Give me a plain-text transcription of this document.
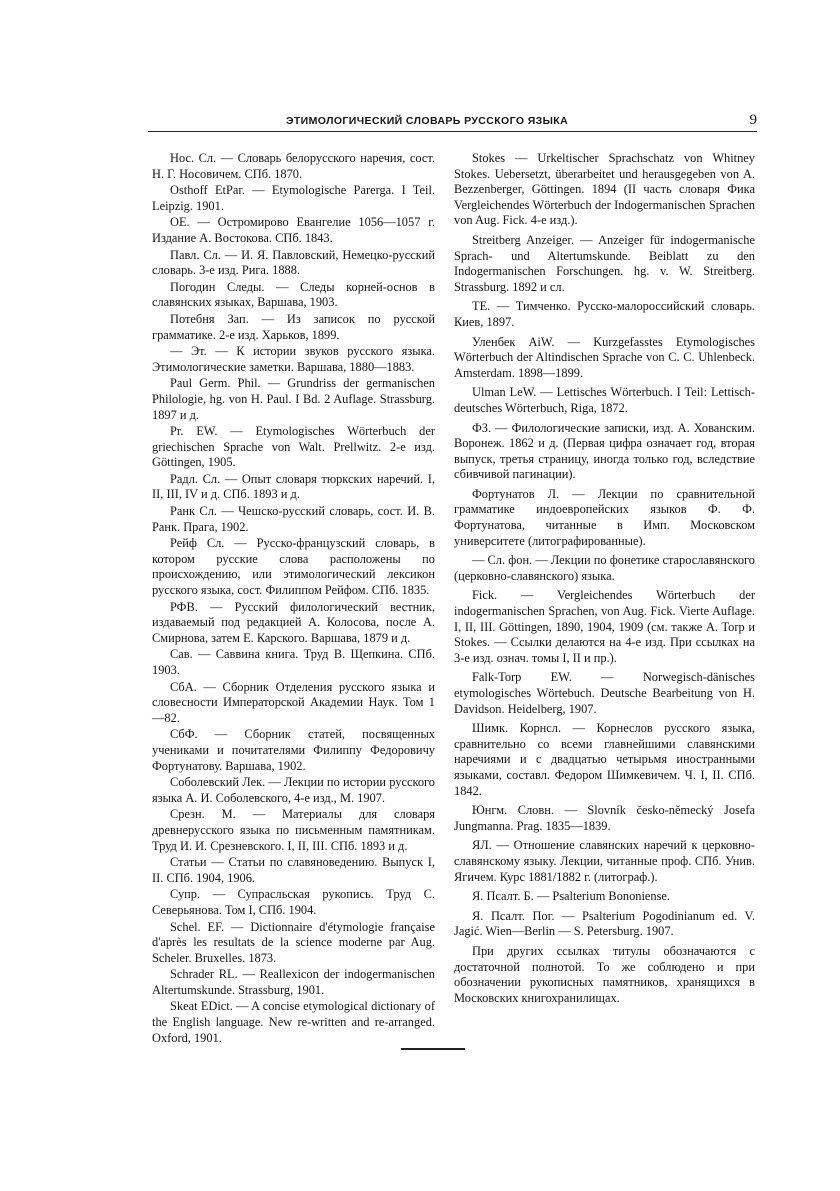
ЭТИМОЛОГИЧЕСКИЙ СЛОВАРЬ РУССКОГО ЯЗЫКА	9

Нос. Сл. — Словарь белорусского наречия, сост. Н. Г. Носовичем. СПб. 1870.

Osthoff EtPar. — Etymologische Parerga. I Teil. Leipzig. 1901.

ОЕ. — Остромирово Евангелие 1056—1057 г. Издание А. Востокова. СПб. 1843.

Павл. Сл. — И. Я. Павловский, Немецко-русский словарь. 3-е изд. Рига. 1888.

Погодин Следы. — Следы корней-основ в славянских языках, Варшава, 1903.

Потебня Зап. — Из записок по русской грамматике. 2-е изд. Харьков, 1899.

— Эт. — К истории звуков русского языка. Этимологические заметки. Варшава, 1880—1883.

Paul Germ. Phil. — Grundriss der germanischen Philologie, hg. von H. Paul. I Bd. 2 Auflage. Strassburg. 1897 и д.

Pr. EW. — Etymologisches Wörterbuch der griechischen Sprache von Walt. Prellwitz. 2-е изд. Göttingen, 1905.

Радл. Сл. — Опыт словаря тюркских наречий. I, II, III, IV и д. СПб. 1893 и д.

Ранк Сл. — Чешско-русский словарь, сост. И. В. Ранк. Прага, 1902.

Рейф Сл. — Русско-французский словарь, в котором русские слова расположены по происхождению, или этимологический лексикон русского языка, сост. Филиппом Рейфом. СПб. 1835.

РФВ. — Русский филологический вестник, издаваемый под редакцией А. Колосова, после А. Смирнова, затем Е. Карского. Варшава, 1879 и д.

Сав. — Саввина книга. Труд В. Щепкина. СПб. 1903.

СбА. — Сборник Отделения русского языка и словесности Императорской Академии Наук. Том 1—82.

СбФ. — Сборник статей, посвященных учениками и почитателями Филиппу Федоровичу Фортунатову. Варшава, 1902.

Соболевский Лек. — Лекции по истории русского языка А. И. Соболевского, 4-е изд., М. 1907.

Срезн. М. — Материалы для словаря древнерусского языка по письменным памятникам. Труд И. И. Срезневского. I, II, III. СПб. 1893 и д.

Статьи — Статьи по славяноведению. Выпуск I, II. СПб. 1904, 1906.

Супр. — Супрасльская рукопись. Труд С. Северьянова. Том I, СПб. 1904.

Schel. EF. — Dictionnaire d'étymologie française d'après les resultats de la science moderne par Aug. Scheler. Bruxelles. 1873.

Schrader RL. — Reallexicon der indogermanischen Altertumskunde. Strassburg, 1901.

Skeat EDict. — A concise etymological dictionary of the English language. New re-written and re-arranged. Oxford, 1901.

Stokes — Urkeltischer Sprachschatz von Whitney Stokes. Uebersetzt, überarbeitet und herausgegeben von A. Bezzenberger, Göttingen. 1894 (II часть словаря Фика Vergleichendes Wörterbuch der Indogermanischen Sprachen von Aug. Fick. 4-е изд.).

Streitberg Anzeiger. — Anzeiger für indogermanische Sprach- und Altertumskunde. Beiblatt zu den Indogermanischen Forschungen. hg. v. W. Streitberg. Strassburg. 1892 и сл.

ТЕ. — Тимченко. Русско-малороссийский словарь. Киев, 1897.

Уленбек AiW. — Kurzgefasstes Etymologisches Wörterbuch der Altindischen Sprache von C. C. Uhlenbeck. Amsterdam. 1898—1899.

Ulman LeW. — Lettisches Wörterbuch. I Teil: Lettisch-deutsches Wörterbuch, Riga, 1872.

ФЗ. — Филологические записки, изд. А. Хованским. Воронеж. 1862 и д. (Первая цифра означает год, вторая выпуск, третья страницу, иногда только год, вследствие сбивчивой пагинации).

Фортунатов Л. — Лекции по сравнительной грамматике индоевропейских языков Ф. Ф. Фортунатова, читанные в Имп. Московском университете (литографированные).

— Сл. фон. — Лекции по фонетике старославянского (церковно-славянского) языка.

Fick. — Vergleichendes Wörterbuch der indogermanischen Sprachen, von Aug. Fick. Vierte Auflage. I, II, III. Göttingen, 1890, 1904, 1909 (см. также A. Torp и Stokes. — Ссылки делаются на 4-е изд. При ссылках на 3-е изд. означ. томы I, II и пр.).

Falk-Torp EW. — Norwegisch-dänisches etymologisches Wörtebuch. Deutsche Bearbeitung von H. Davidson. Heidelberg, 1907.

Шимк. Корнсл. — Корнеслов русского языка, сравнительно со всеми главнейшими славянскими наречиями и с двадцатью четырьмя иностранными языками, составл. Федором Шимкевичем. Ч. I, II. СПб. 1842.

Юнгм. Словн. — Slovník česko-německý Josefa Jungmanna. Prag. 1835—1839.

ЯЛ. — Отношение славянских наречий к церковно-славянскому языку. Лекции, читанные проф. СПб. Унив. Ягичем. Курс 1881/1882 г. (литограф.).

Я. Псалт. Б. — Psalterium Bononiense.

Я. Псалт. Пог. — Psalterium Pogodinianum ed. V. Jagić. Wien—Berlin — S. Petersburg. 1907.

При других ссылках титулы обозначаются с достаточной полнотой. То же соблюдено и при обозначении рукописных памятников, хранящихся в Московских книгохранилищах.
